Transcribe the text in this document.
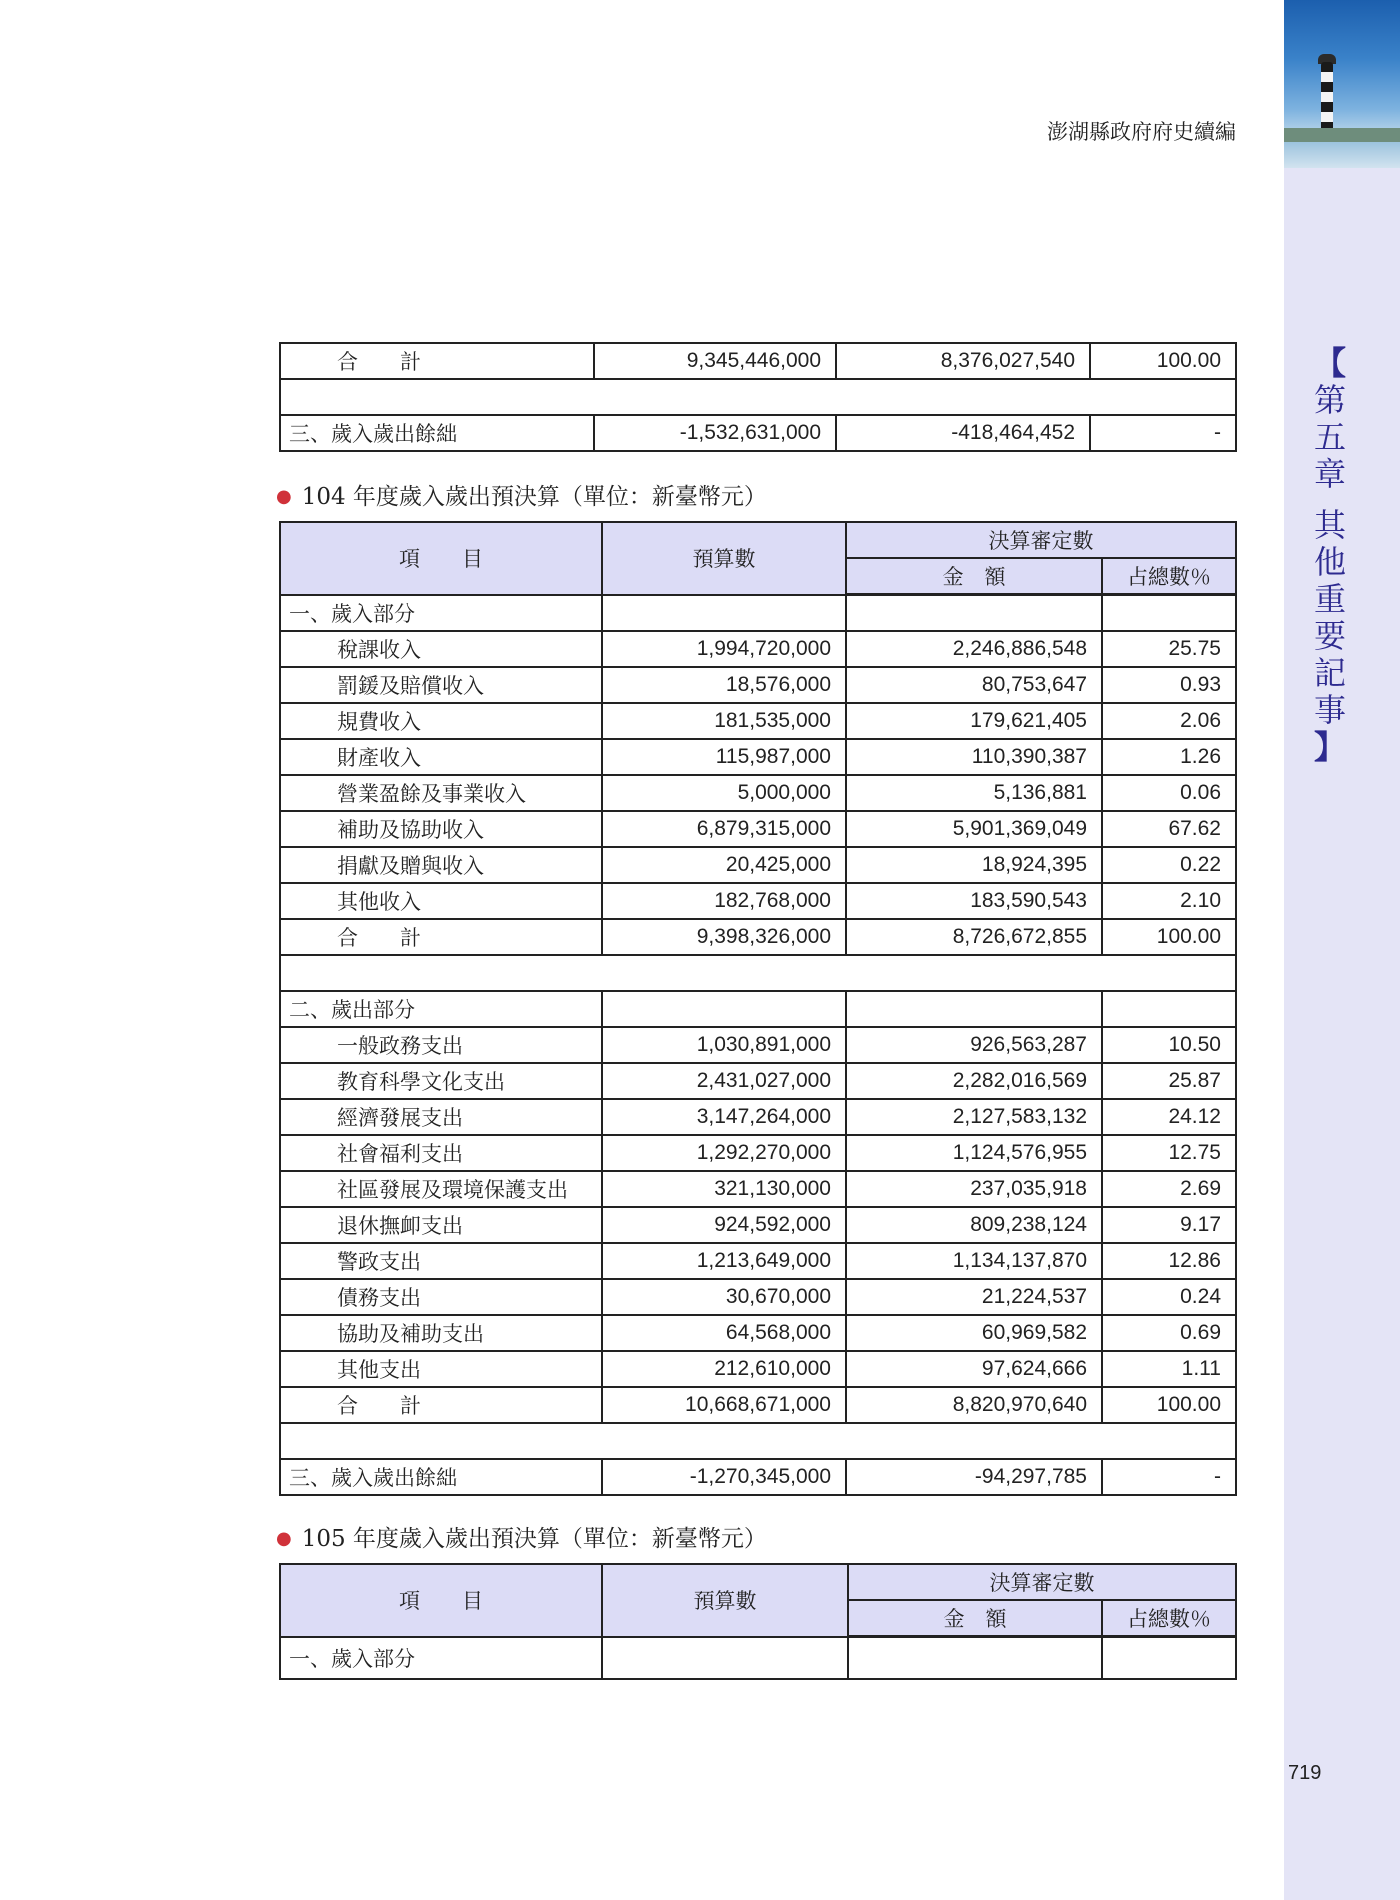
【
第
五
章
其
他
重
要
記
事
】
澎湖縣政府府史續編
719
合　　計	9,345,446,000	8,376,027,540	100.00

三、歲入歲出餘絀	-1,532,631,000	-418,464,452	-
● 104 年度歲入歲出預決算（單位：新臺幣元）
項　　目	預算數	決算審定數	
		金　額	占總數％
一、歲入部分			
稅課收入	1,994,720,000	2,246,886,548	25.75
罰鍰及賠償收入	18,576,000	80,753,647	0.93
規費收入	181,535,000	179,621,405	2.06
財產收入	115,987,000	110,390,387	1.26
營業盈餘及事業收入	5,000,000	5,136,881	0.06
補助及協助收入	6,879,315,000	5,901,369,049	67.62
捐獻及贈與收入	20,425,000	18,924,395	0.22
其他收入	182,768,000	183,590,543	2.10
合　　計	9,398,326,000	8,726,672,855	100.00

二、歲出部分			
一般政務支出	1,030,891,000	926,563,287	10.50
教育科學文化支出	2,431,027,000	2,282,016,569	25.87
經濟發展支出	3,147,264,000	2,127,583,132	24.12
社會福利支出	1,292,270,000	1,124,576,955	12.75
社區發展及環境保護支出	321,130,000	237,035,918	2.69
退休撫卹支出	924,592,000	809,238,124	9.17
警政支出	1,213,649,000	1,134,137,870	12.86
債務支出	30,670,000	21,224,537	0.24
協助及補助支出	64,568,000	60,969,582	0.69
其他支出	212,610,000	97,624,666	1.11
合　　計	10,668,671,000	8,820,970,640	100.00

三、歲入歲出餘絀	-1,270,345,000	-94,297,785	-
● 105 年度歲入歲出預決算（單位：新臺幣元）
項　　目	預算數	決算審定數	
		金　額	占總數％
一、歲入部分			
